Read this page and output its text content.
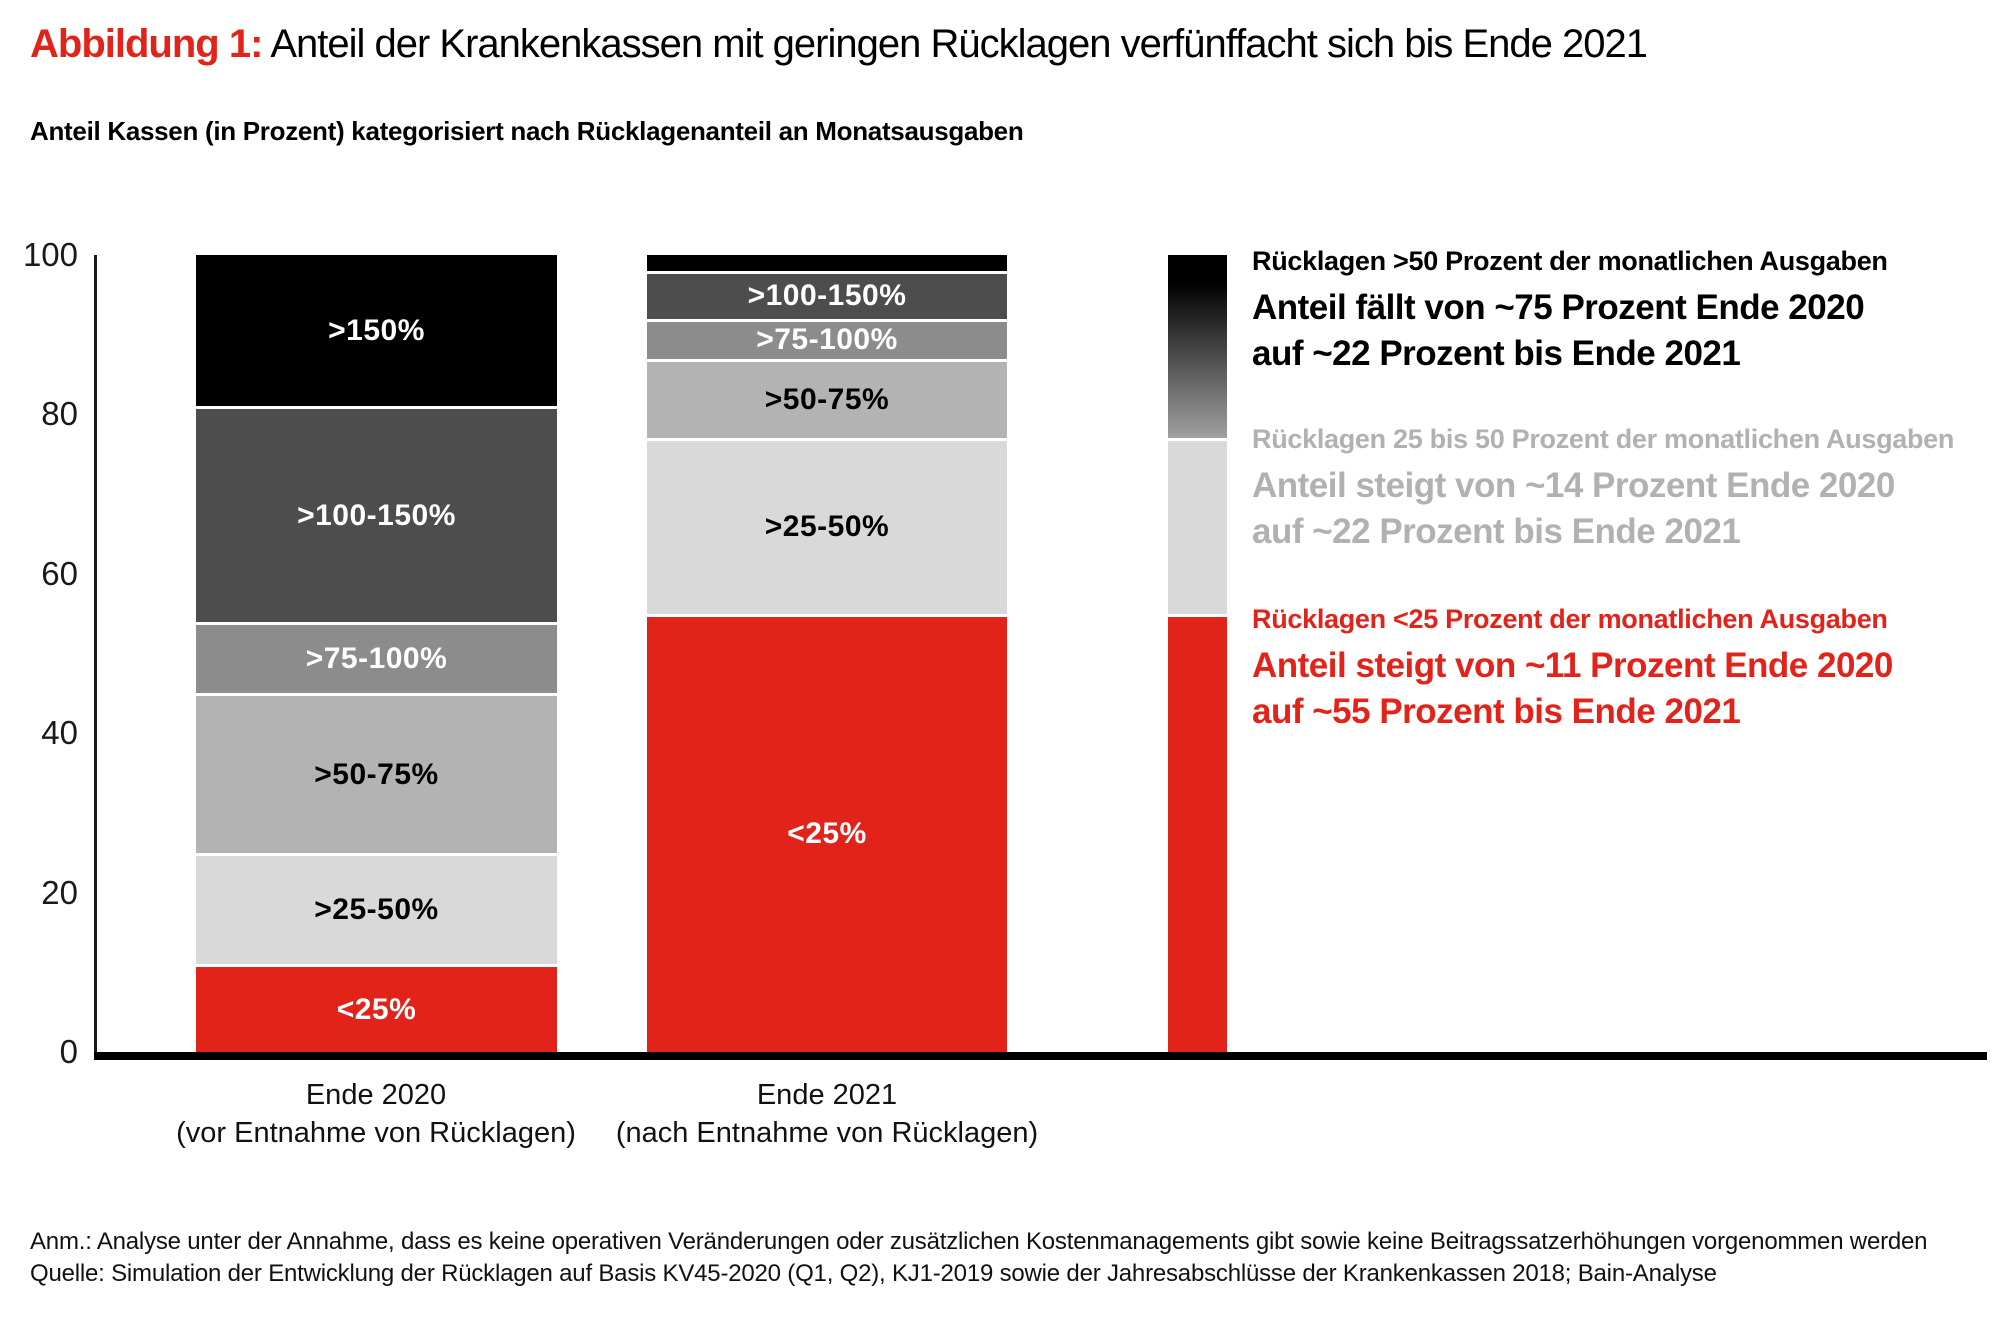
Abbildung 1: Anteil der Krankenkassen mit geringen Rücklagen verfünffacht sich bis Ende 2021
Anteil Kassen (in Prozent) kategorisiert nach Rücklagenanteil an Monatsausgaben
0
20
40
60
80
100
>150%
>100-150%
>75-100%
>50-75%
>25-50%
<25%
>100-150%
>75-100%
>50-75%
>25-50%
<25%
Ende 2020
(vor Entnahme von Rücklagen)
Ende 2021
(nach Entnahme von Rücklagen)
Rücklagen >50 Prozent der monatlichen Ausgaben
Anteil fällt von ~75 Prozent Ende 2020
auf ~22 Prozent bis Ende 2021
Rücklagen 25 bis 50 Prozent der monatlichen Ausgaben
Anteil steigt von ~14 Prozent Ende 2020
auf ~22 Prozent bis Ende 2021
Rücklagen <25 Prozent der monatlichen Ausgaben
Anteil steigt von ~11 Prozent Ende 2020
auf ~55 Prozent bis Ende 2021
Anm.: Analyse unter der Annahme, dass es keine operativen Veränderungen oder zusätzlichen Kostenmanagements gibt sowie keine Beitragssatzerhöhungen vorgenommen werden
Quelle: Simulation der Entwicklung der Rücklagen auf Basis KV45-2020 (Q1, Q2), KJ1-2019 sowie der Jahresabschlüsse der Krankenkassen 2018; Bain-Analyse
